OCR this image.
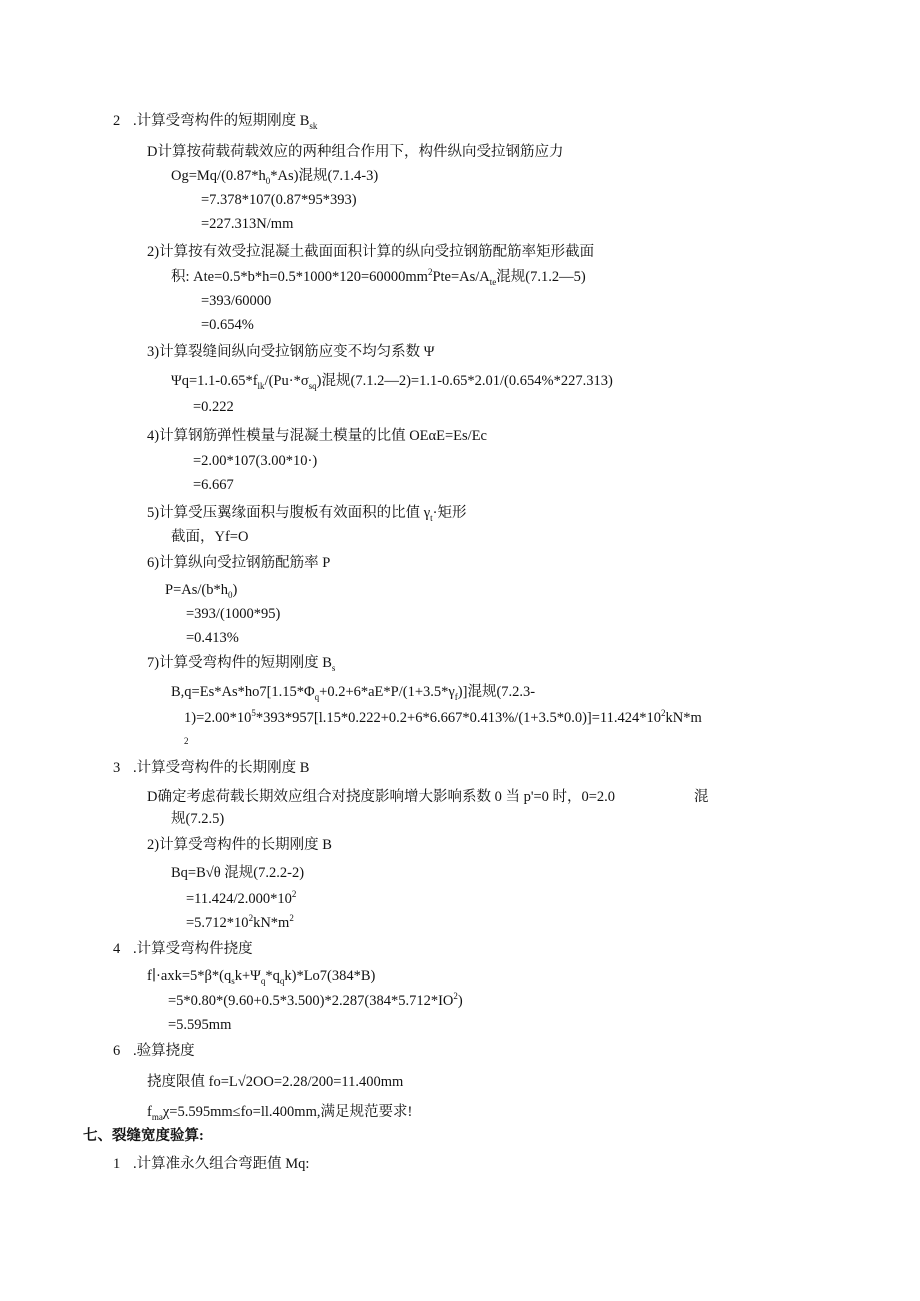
2 .计算受弯构件的短期刚度 $B_{sk}$
D计算按荷载荷载效应的两种组合作用下，构件纵向受拉钢筋应力
$Og=Mq/(0.87*h_0*As)$混规(7.1.4-3)
=7.378*107(0.87*95*393)
=227.313N/mm
2)计算按有效受拉混凝土截面面积计算的纵向受拉钢筋配筋率矩形截面
积: $Ate=0.5*b*h=0.5*1000*120=60000mm^2Pte=As/A_{te}$混规(7.1.2—5)
=393/60000
=0.654%
3)计算裂缝间纵向受拉钢筋应变不均匀系数 Ψ
$\Psi q=1.1-0.65*f_{lk}/(Pu\cdot*\sigma_{sq})$混规(7.1.2—2)=1.1-0.65*2.01/(0.654%*227.313)
=0.222
4)计算钢筋弹性模量与混凝土模量的比值 OEαE=Es/Ec
=2.00*107(3.00*10·)
=6.667
5)计算受压翼缘面积与腹板有效面积的比值 $\gamma_t\cdot$矩形
截面，Yf=O
6)计算纵向受拉钢筋配筋率 P
$P=As/(b*h_0)$
=393/(1000*95)
=0.413%
7)计算受弯构件的短期刚度 $B_s$
$B,q=Es*As*ho7[1.15*\Phi_q+0.2+6*aE*P/(1+3.5*\gamma_f)]$混规(7.2.3-
$1)=2.00*10^5*393*957[l.15*0.222+0.2+6*6.667*0.413\%/(1+3.5*0.0)]=11.424*10^2kN*m$
2
3 .计算受弯构件的长期刚度 B
D确定考虑荷载长期效应组合对挠度影响增大影响系数 0 当 p'=0 时，0=2.0	混
规(7.2.5)
2)计算受弯构件的长期刚度 B
Bq=B√θ 混规(7.2.2-2)
$=11.424/2.000*10^2$
$=5.712*10^2kN*m^2$
4 .计算受弯构件挠度
$f∣\cdot axk=5*\beta*(q_sk+\Psi_q*q_qk)*Lo7(384*B)$
$=5*0.80*(9.60+0.5*3.500)*2.287(384*5.712*IO^2)$
=5.595mm
6 .验算挠度
挠度限值 fo=L√2OO=2.28/200=11.400mm
$f_{ma}\chi=5.595mm\le fo=ll.400mm$,满足规范要求!
七、裂缝宽度验算:
1 .计算准永久组合弯距值 Mq:
